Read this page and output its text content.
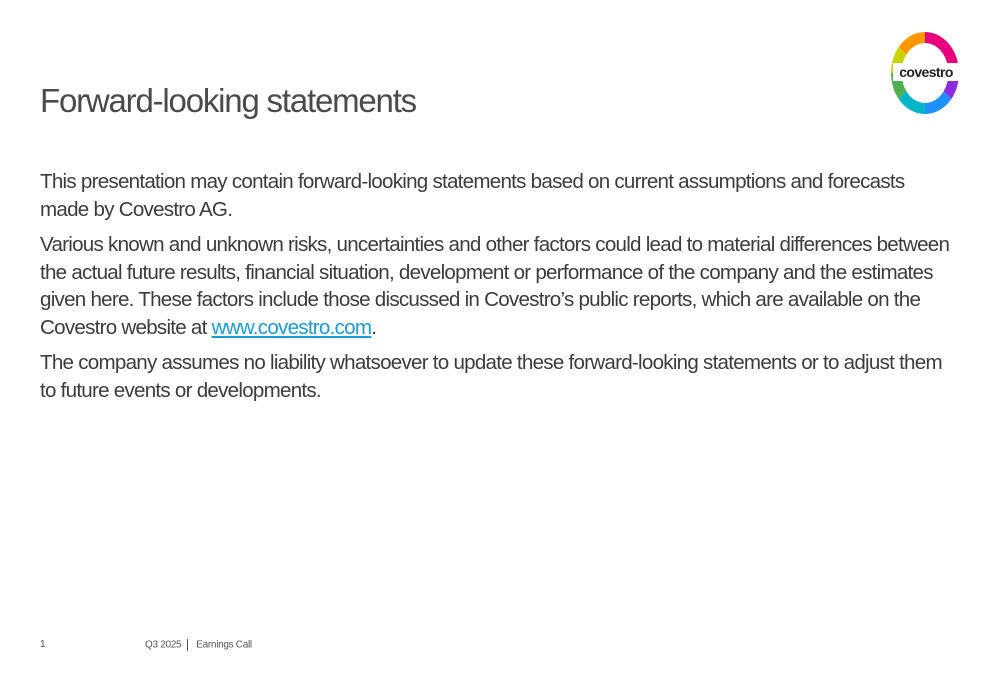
Forward-looking statements
covestro

This presentation may contain forward-looking statements based on current assumptions and forecasts made by Covestro AG.

Various known and unknown risks, uncertainties and other factors could lead to material differences between the actual future results, financial situation, development or performance of the company and the estimates given here. These factors include those discussed in Covestro’s public reports, which are available on the Covestro website at www.covestro.com.

The company assumes no liability whatsoever to update these forward-looking statements or to adjust them to future events or developments.

1	Q3 2025 Earnings Call
